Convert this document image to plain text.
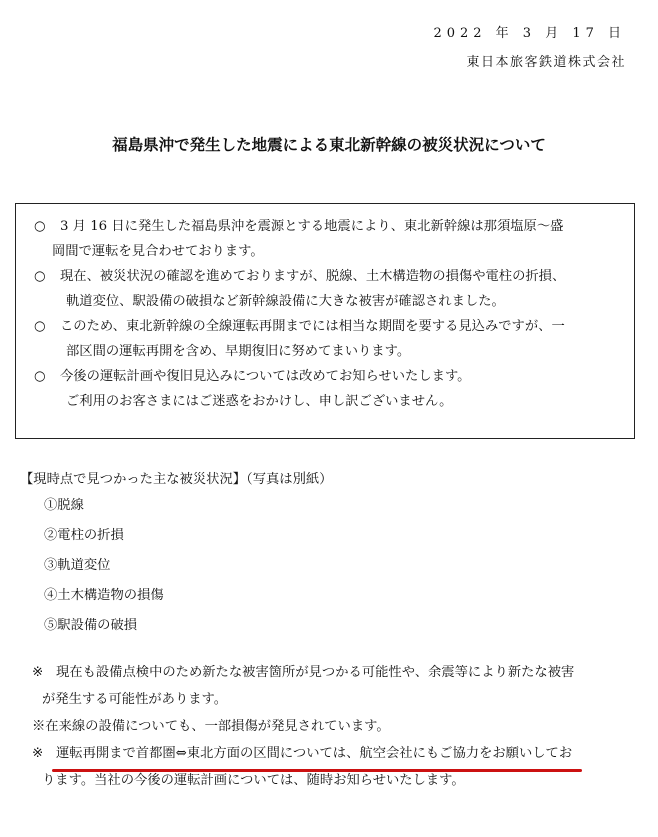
2022 年 3 月 17 日
東日本旅客鉄道株式会社
福島県沖で発生した地震による東北新幹線の被災状況について
○ 3 月 16 日に発生した福島県沖を震源とする地震により、東北新幹線は那須塩原～盛
岡間で運転を見合わせております。
○ 現在、被災状況の確認を進めておりますが、脱線、土木構造物の損傷や電柱の折損、
軌道変位、駅設備の破損など新幹線設備に大きな被害が確認されました。
○ このため、東北新幹線の全線運転再開までには相当な期間を要する見込みですが、一
部区間の運転再開を含め、早期復旧に努めてまいります。
○ 今後の運転計画や復旧見込みについては改めてお知らせいたします。
ご利用のお客さまにはご迷惑をおかけし、申し訳ございません。
【現時点で見つかった主な被災状況】（写真は別紙）
①脱線
②電柱の折損
③軌道変位
④土木構造物の損傷
⑤駅設備の破損
※ 現在も設備点検中のため新たな被害箇所が見つかる可能性や、余震等により新たな被害
が発生する可能性があります。
※在来線の設備についても、一部損傷が発見されています。
※ 運転再開まで首都圏⇔東北方面の区間については、航空会社にもご協力をお願いしてお
ります。当社の今後の運転計画については、随時お知らせいたします。
